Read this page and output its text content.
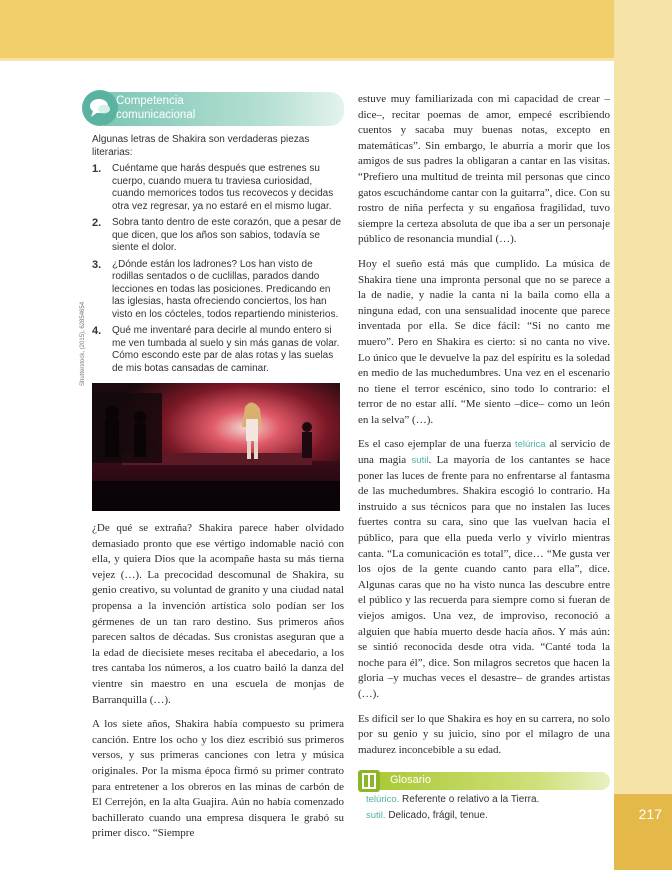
217
Shutterstock, (2015), 62854654
Competencia
comunicacional
Algunas letras de Shakira son verdaderas piezas literarias:
1.	Cuéntame que harás después que estrenes su cuerpo, cuando muera tu traviesa curiosidad, cuando memorices todos tus recovecos y decidas otra vez regresar, ya no estaré en el mismo lugar.
2.	Sobra tanto dentro de este corazón, que a pesar de que dicen, que los años son sabios, todavía se siente el dolor.
3.	¿Dónde están los ladrones? Los han visto de rodillas sentados o de cuclillas, parados dando lecciones en todas las posiciones. Predicando en las iglesias, hasta ofreciendo conciertos, los han visto en los cócteles, todos repartiendo ministerios.
4.	Qué me inventaré para decirle al mundo entero si me ven tumbada al suelo y sin más ganas de volar. Cómo escondo este par de alas rotas y las suelas de mis botas cansadas de caminar.

¿De qué se extraña? Shakira parece haber olvidado demasiado pronto que ese vértigo indomable nació con ella, y quiera Dios que la acompañe hasta su más tierna vejez (…). La precocidad descomunal de Shakira, su genio creativo, su voluntad de granito y una ciudad natal propensa a la invención artística solo podían ser los gérmenes de un tan raro destino. Sus primeros años parecen saltos de décadas. Sus cronistas aseguran que a la edad de diecisiete meses recitaba el abecedario, a los tres cantaba los números, a los cuatro bailó la danza del vientre sin maestro en una escuela de monjas de Barranquilla (…).

A los siete años, Shakira había compuesto su primera canción. Entre los ocho y los diez escribió sus primeros versos, y sus primeras canciones con letra y música originales. Por la misma época firmó su primer contrato para entretener a los obreros en las minas de carbón de El Cerrejón, en la alta Guajira. Aún no había comenzado bachillerato cuando una empresa disquera le grabó su primer disco. “Siempre

estuve muy familiarizada con mi capacidad de crear –dice–, recitar poemas de amor, empecé escribiendo cuentos y sacaba muy buenas notas, excepto en matemáticas”. Sin embargo, le aburría a morir que los amigos de sus padres la obligaran a cantar en las visitas. “Prefiero una multitud de treinta mil personas que cinco gatos escuchándome cantar con la guitarra”, dice. Con su rostro de niña perfecta y su engañosa fragilidad, tuvo siempre la certeza absoluta de que iba a ser un personaje público de resonancia mundial (…).

Hoy el sueño está más que cumplido. La música de Shakira tiene una impronta personal que no se parece a la de nadie, y nadie la canta ni la baila como ella a ninguna edad, con una sensualidad inocente que parece inventada por ella. Se dice fácil: “Si no canto me muero”. Pero en Shakira es cierto: si no canta no vive. Lo único que le devuelve la paz del espíritu es la soledad en medio de las muchedumbres. Una vez en el escenario no tiene el terror escénico, sino todo lo contrario: el terror de no estar allí. “Me siento –dice– como un león en la selva” (…).

Es el caso ejemplar de una fuerza telúrica al servicio de una magia sutil. La mayoría de los cantantes se hace poner las luces de frente para no enfrentarse al fantasma de las muchedumbres. Shakira escogió lo contrario. Ha instruido a sus técnicos para que no instalen las luces fuertes contra su cara, sino que las vuelvan hacia el público, para que ella pueda verlo y vivirlo mientras canta. “La comunicación es total”, dice… “Me gusta ver los ojos de la gente cuando canto para ella”, dice. Algunas caras que no ha visto nunca las descubre entre el público y las recuerda para siempre como si fueran de viejos amigos. Una vez, de improviso, reconoció a alguien que había muerto desde hacía años. Y más aún: se sintió reconocida desde otra vida. “Canté toda la noche para él”, dice. Son milagros secretos que hacen la gloria –y muchas veces el desastre– de grandes artistas (…).

Es difícil ser lo que Shakira es hoy en su carrera, no solo por su genio y su juicio, sino por el milagro de una madurez inconcebible a su edad.

Glosario
telúrico. Referente o relativo a la Tierra.
sutil. Delicado, frágil, tenue.
